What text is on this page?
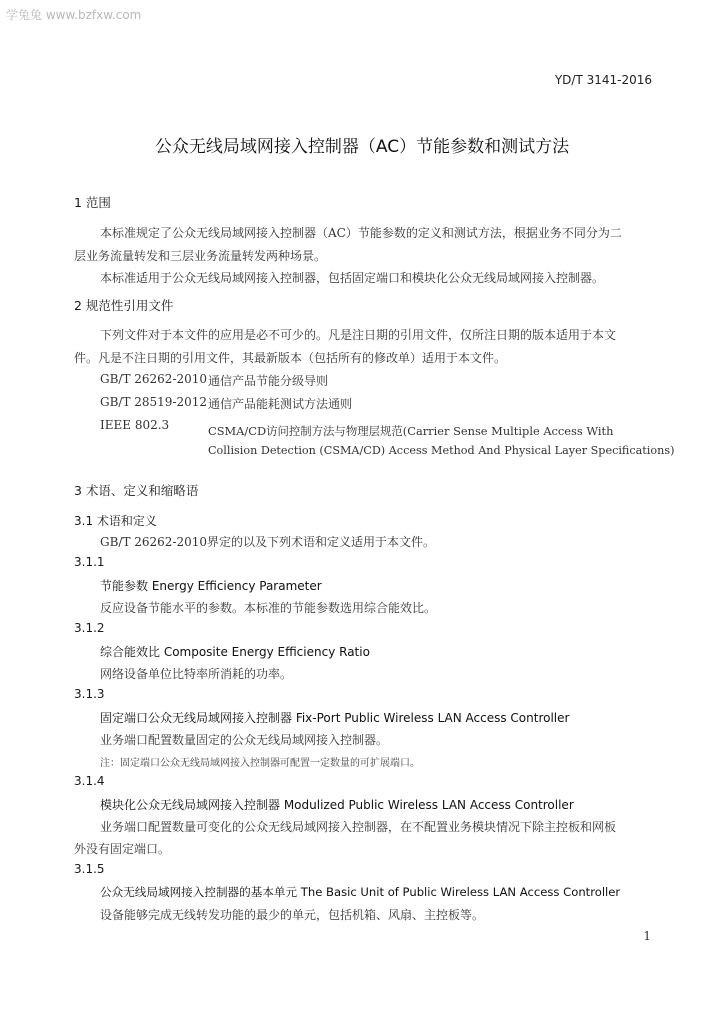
学兔兔 www.bzfxw.com
YD/T 3141-2016
公众无线局域网接入控制器（AC）节能参数和测试方法
1 范围
本标准规定了公众无线局域网接入控制器（AC）节能参数的定义和测试方法，根据业务不同分为二
层业务流量转发和三层业务流量转发两种场景。
本标准适用于公众无线局域网接入控制器，包括固定端口和模块化公众无线局域网接入控制器。
2 规范性引用文件
下列文件对于本文件的应用是必不可少的。凡是注日期的引用文件，仅所注日期的版本适用于本文
件。凡是不注日期的引用文件，其最新版本（包括所有的修改单）适用于本文件。
GB/T 26262-2010 通信产品节能分级导则
GB/T 28519-2012 通信产品能耗测试方法通则
IEEE 802.3	CSMA/CD访问控制方法与物理层规范(Carrier Sense Multiple Access With
Collision Detection (CSMA/CD) Access Method And Physical Layer Specifications)
3 术语、定义和缩略语
3.1 术语和定义
GB/T 26262-2010界定的以及下列术语和定义适用于本文件。
3.1.1
节能参数 Energy Efficiency Parameter
反应设备节能水平的参数。本标准的节能参数选用综合能效比。
3.1.2
综合能效比 Composite Energy Efficiency Ratio
网络设备单位比特率所消耗的功率。
3.1.3
固定端口公众无线局域网接入控制器 Fix-Port Public Wireless LAN Access Controller
业务端口配置数量固定的公众无线局域网接入控制器。
注：固定端口公众无线局域网接入控制器可配置一定数量的可扩展端口。
3.1.4
模块化公众无线局域网接入控制器 Modulized Public Wireless LAN Access Controller
业务端口配置数量可变化的公众无线局域网接入控制器，在不配置业务模块情况下除主控板和网板
外没有固定端口。
3.1.5
公众无线局域网接入控制器的基本单元 The Basic Unit of Public Wireless LAN Access Controller
设备能够完成无线转发功能的最少的单元，包括机箱、风扇、主控板等。
1
